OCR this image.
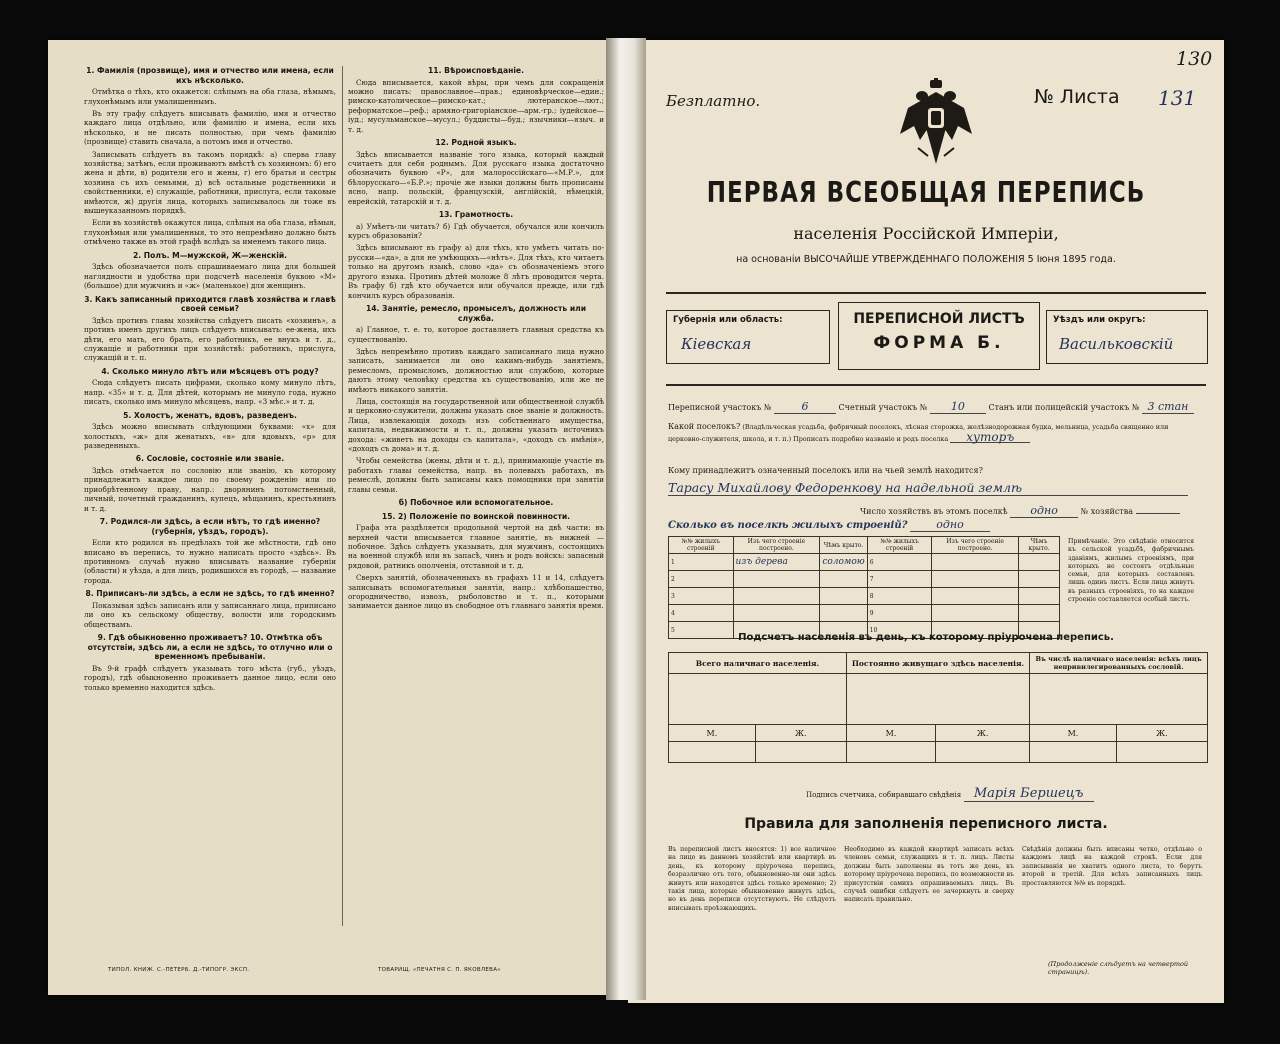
1. Фамилія (прозвище), имя и отчество или имена, если ихъ нѣсколько.
Отмѣтка о тѣхъ, кто окажется: слѣпымъ на оба глаза, нѣмымъ, глухонѣмымъ или умалишеннымъ.
Въ эту графу слѣдуетъ вписывать фамилію, имя и отчество каждаго лица отдѣльно, или фамилію и имена, если ихъ нѣсколько, и не писать полностью, при чемъ фамилію (прозвище) ставить сначала, а потомъ имя и отчество.
Записывать слѣдуетъ въ такомъ порядкѣ: а) сперва главу хозяйства; затѣмъ, если проживаютъ вмѣстѣ съ хозяиномъ: б) его жена и дѣти, в) родители его и жены, г) его братья и сестры хозяина съ ихъ семьями, д) всѣ остальные родственники и свойственники, е) служащіе, работники, прислуга, если таковые имѣются, ж) другія лица, которыхъ записывалось ли тоже въ вышеуказанномъ порядкѣ.
Если въ хозяйствѣ окажутся лица, слѣпыя на оба глаза, нѣмыя, глухонѣмыя или умалишенныя, то это непремѣнно должно быть отмѣчено также въ этой графѣ вслѣдъ за именемъ такого лица.
2. Полъ. М—мужской, Ж—женскій.
Здѣсь обозначается полъ спрашиваемаго лица для большей наглядности и удобства при подсчетѣ населенія буквою «М» (большое) для мужчинъ и «ж» (маленькое) для женщинъ.
3. Какъ записанный приходится главѣ хозяйства и главѣ своей семьи?
Здѣсь противъ главы хозяйства слѣдуетъ писать «хозяинъ», а противъ именъ другихъ лицъ слѣдуетъ вписывать: ее-жена, ихъ дѣти, его мать, его брать, его работникъ, ее внукъ и т. д., служащіе и работники при хозяйствѣ: работникъ, прислуга, служащій и т. п.
4. Сколько минуло лѣтъ или мѣсяцевъ отъ роду?
Сюда слѣдуетъ писать цифрами, сколько кому минуло лѣтъ, напр. «35» и т. д. Для дѣтей, которымъ не минуло года, нужно писать, сколько имъ минуло мѣсяцевъ, напр. «3 мѣс.» и т. д.
5. Холостъ, женатъ, вдовъ, разведенъ.
Здѣсь можно вписывать слѣдующими буквами: «х» для холостыхъ, «ж» для женатыхъ, «в» для вдовыхъ, «р» для разведенныхъ.
6. Сословіе, состояніе или званіе.
Здѣсь отмѣчается по сословію или званію, къ которому принадлежитъ каждое лицо по своему рожденію или по приобрѣтенному праву, напр.: дворянинъ потомственный, личный, почетный гражданинъ, купецъ, мѣщанинъ, крестьянинъ и т. д.
7. Родился-ли здѣсь, а если нѣтъ, то гдѣ именно? (губернія, уѣздъ, городъ).
Если кто родился въ предѣлахъ той же мѣстности, гдѣ оно вписано въ перепись, то нужно написать просто «здѣсь». Въ противномъ случаѣ нужно вписывать название губерніи (области) и уѣзда, а для лицъ, родившихся въ городѣ, — название города.
8. Приписанъ-ли здѣсь, а если не здѣсь, то гдѣ именно?
Показывая здѣсь записанъ или у записаннаго лица, приписано ли оно къ сельскому обществу, волости или городскимъ обществамъ.
9. Гдѣ обыкновенно проживаетъ? 10. Отмѣтка объ отсутствіи, здѣсь ли, а если не здѣсь, то отлучно или о временномъ пребываніи.
Въ 9-й графѣ слѣдуетъ указывать того мѣста (губ., уѣздъ, городъ), гдѣ обыкновенно проживаетъ данное лицо, если оно только временно находится здѣсь.
11. Вѣроисповѣданіе.
Сюда вписывается, какой вѣры, при чемъ для сокращенія можно писать: православное—прав.; единовѣрческое—един.; римско-католическое—римско-кат.; лютеранское—лют.; реформатское—реф.; армяно-григоріанское—арм.-гр.; іудейское—іуд.; мусульманское—мусул.; буддисты—буд.; язычники—языч. и т. д.
12. Родной языкъ.
Здѣсь вписывается названіе того языка, который каждый считаетъ для себя роднымъ. Для русскаго языка достаточно обозначить буквою «Р», для малороссійскаго—«М.Р.», для бѣлорусскаго—«Б.Р.»; прочіе же языки должны быть прописаны ясно, напр. польскій, французскій, англійскій, нѣмецкій, еврейскій, татарскій и т. д.
13. Грамотность.
а) Умѣетъ-ли читать? б) Гдѣ обучается, обучался или кончилъ курсъ образованія?
Здѣсь вписывают въ графу а) для тѣхъ, кто умѣетъ читать по-русски—«да», а для не умѣющихъ—«нѣтъ». Для тѣхъ, кто читаетъ только на другомъ языкѣ, слово «да» съ обозначеніемъ этого другого языка. Противъ дѣтей моложе 8 лѣтъ проводится черта. Въ графу б) гдѣ кто обучается или обучался прежде, или гдѣ кончилъ курсъ образованія.
14. Занятіе, ремесло, промыселъ, должность или служба.
а) Главное, т. е. то, которое доставляетъ главныя средства къ существованію.
Здѣсь непремѣнно противъ каждаго записаннаго лица нужно записать, занимается ли оно какимъ-нибудь занятіемъ, ремесломъ, промысломъ, должностью или службою, которые даютъ этому человѣку средства къ существованію, или же не имѣютъ никакого занятія.
Лица, состоящія на государственной или общественной службѣ и церковно-служители, должны указать свое званіе и должность. Лица, извлекающія доходъ изъ собственнаго имущества, капитала, недвижимости и т. п., должны указать источникъ дохода: «живетъ на доходы съ капитала», «доходъ съ имѣнія», «доходъ съ дома» и т. д.
Чтобы семейства (жены, дѣти и т. д.), принимающіе участіе въ работахъ главы семейства, напр. въ полевыхъ работахъ, въ ремеслѣ, должны быть записаны какъ помощники при занятіи главы семьи.
б) Побочное или вспомогательное.
15. 2) Положеніе по воинской повинности.
Графа эта раздѣляется продольной чертой на двѣ части: въ верхней части вписывается главное занятіе, въ нижней — побочное. Здѣсь слѣдуетъ указывать, для мужчинъ, состоящихъ на военной службѣ или въ запасѣ, чинъ и родъ войскъ: запасный рядовой, ратникъ ополченія, отставной и т. д.
Сверхъ занятій, обозначенныхъ въ графахъ 11 и 14, слѣдуетъ записывать вспомогательныя занятія, напр.: хлѣбопашество, огородничество, извозъ, рыболовство и т. п., которыми занимается данное лицо въ свободное отъ главнаго занятія время.
ТИПОЛ. КНИЖ. С.-ПЕТЕРБ. Д.-ТИПОГР. ЭКСП.	ТОВАРИЩ. «ПЕЧАТНЯ С. П. ЯКОВЛЕВА»
130
Безплатно.	№ Листа 131
ПЕРВАЯ ВСЕОБЩАЯ ПЕРЕПИСЬ
населенія Россійской Имперіи,
на основаніи ВЫСОЧАЙШЕ УТВЕРЖДЕННАГО ПОЛОЖЕНІЯ 5 Іюня 1895 года.
Губернія или область:
Кіевская
ПЕРЕПИСНОЙ ЛИСТЪ
ФОРМА Б.
Уѣздъ или округъ:
Васильковскій
Переписной участокъ №	6	Счетный участокъ № 10	Станъ или полицейскій участокъ № 3 стан
Какой поселокъ? (Владѣльческая усадьба, фабричный поселокъ, лѣсная сторожка, желѣзнодорожная будка, мельница, усадьба священно или церковно-служителя, школа, и т. п.) Прописать подробно названіе и родъ поселка хуторъ
Кому принадлежитъ означенный поселокъ или на чьей землѣ находится?
Тарасу Михайлову Федоренкову на надельной землѣ
Число хозяйствъ въ этомъ поселкѣ одно	№ хозяйства
Сколько въ поселкѣ жилыхъ строеній?	одно
№№ жилыхъ строеній	Изъ чего строеніе построено.	Чѣмъ крыто.	№№ жилыхъ строеній	Изъ чего строеніе построено.	Чѣмъ крыто.
1	изъ дерева	соломою	6		
2			7		
3			8		
4			9		
5			10		
Примѣчаніе. Это свѣдѣніе относится къ сельской усадьбѣ, фабричнымъ зданіямъ, жилымъ строеніямъ, при которыхъ не состоятъ отдѣльные семьи, для которыхъ составленъ лишь одинъ листъ. Если лица живутъ въ разныхъ строеніяхъ, то на каждое строеніе составляется особый листъ.
Подсчетъ населенія въ день, къ которому пріурочена перепись.
Всего наличнаго населенія.		Постоянно живущаго здѣсь населенія.		Въ числѣ наличнаго населенія: всѣхъ лицъ непривилегированныхъ сословій.	

М.	Ж.	М.	Ж.	М.	Ж.

Подпись счетчика, собиравшаго свѣдѣнія Марія Бершецъ
Правила для заполненія переписного листа.
Въ переписной листъ вносятся: 1) все наличное на лицо въ данномъ хозяйствѣ или квартирѣ въ день, къ которому пріурочена перепись, безразлично отъ того, обыкновенно-ли они здѣсь живутъ или находятся здѣсь только временно; 2) такія лица, которые обыкновенно живутъ здѣсь, но въ день переписи отсутствуютъ. Не слѣдуетъ вписывать проѣзжающихъ.
Необходимо въ каждой квартирѣ записать всѣхъ членовъ семьи, служащихъ и т. п. лицъ. Листы должны быть заполнены въ тотъ же день, къ которому пріурочена перепись, по возможности въ присутствіи самихъ опрашиваемыхъ лицъ. Въ случаѣ ошибки слѣдуетъ ее зачеркнуть и сверху написать правильно.
Свѣдѣнія должны быть вписаны четко, отдѣльно о каждомъ лицѣ на каждой строкѣ. Если для записыванія не хватитъ одного листа, то берутъ второй и третій. Для всѣхъ записанныхъ лицъ проставляются №№ въ порядкѣ.
(Продолженіе слѣдуетъ на четвертой страницѣ).
